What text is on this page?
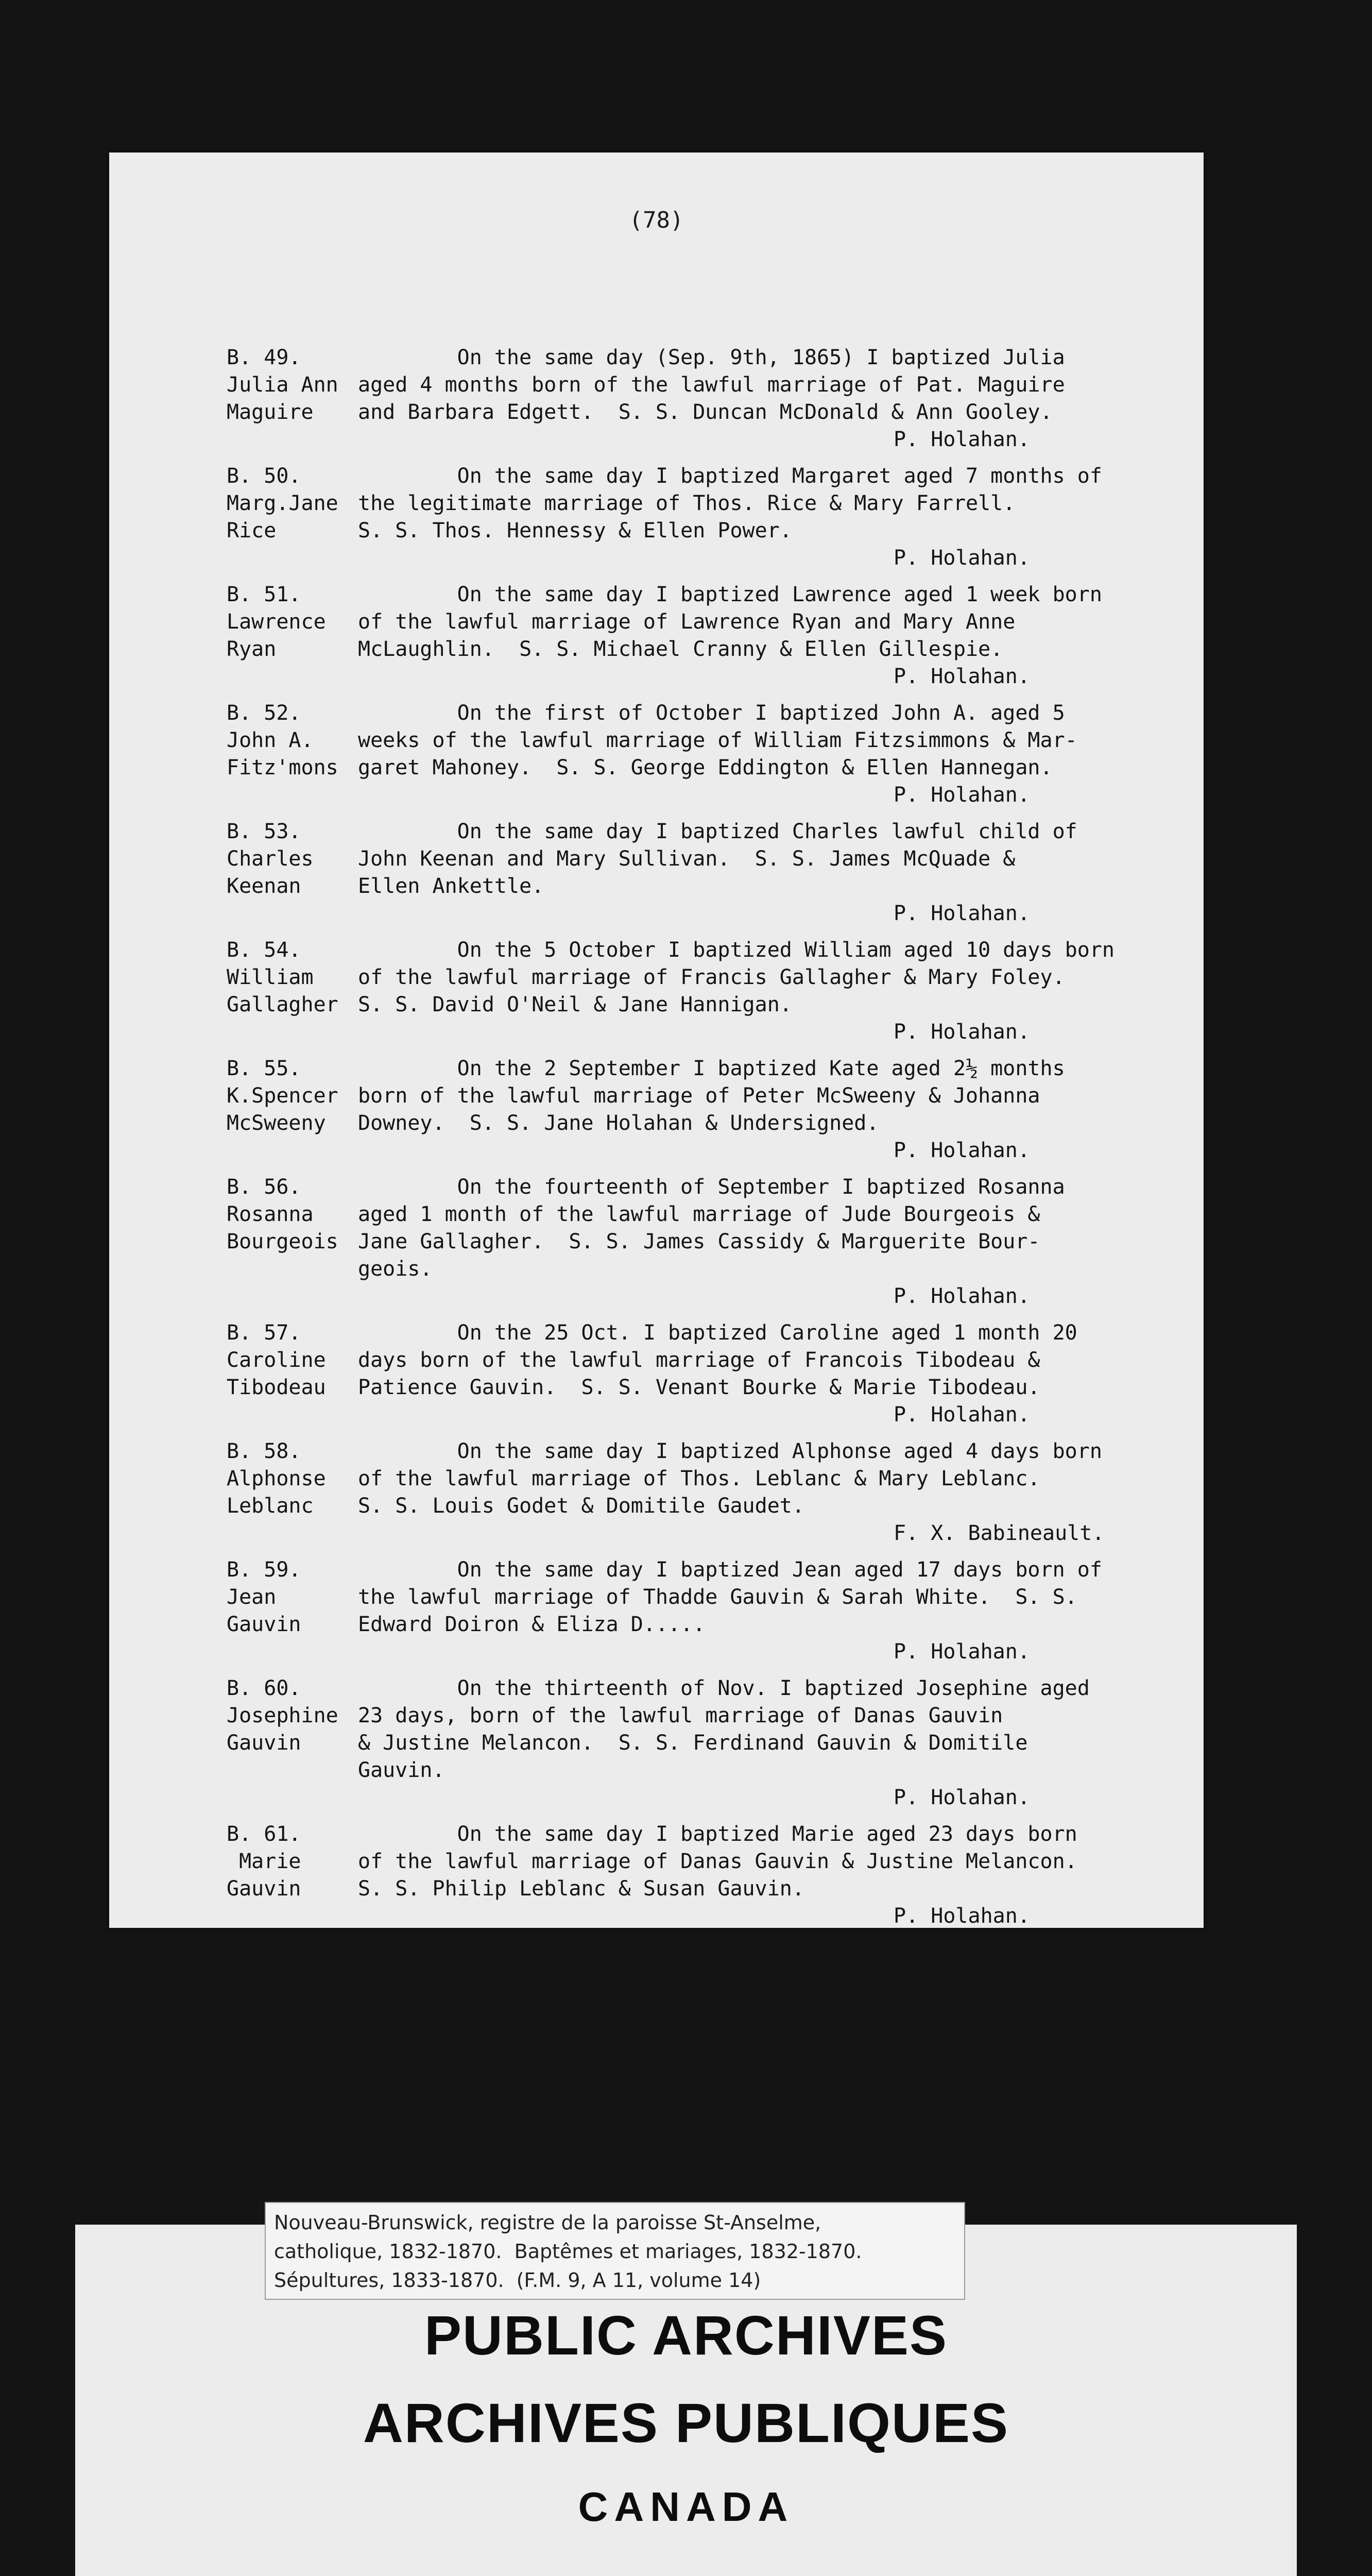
(78)
B. 49.
Julia Ann
Maguire
On the same day (Sep. 9th, 1865) I baptized Julia
aged 4 months born of the lawful marriage of Pat. Maguire
and Barbara Edgett.  S. S. Duncan McDonald & Ann Gooley.
P. Holahan.
B. 50.
Marg.Jane
Rice
On the same day I baptized Margaret aged 7 months of
the legitimate marriage of Thos. Rice & Mary Farrell.
S. S. Thos. Hennessy & Ellen Power.
P. Holahan.
B. 51.
Lawrence
Ryan
On the same day I baptized Lawrence aged 1 week born
of the lawful marriage of Lawrence Ryan and Mary Anne
McLaughlin.  S. S. Michael Cranny & Ellen Gillespie.
P. Holahan.
B. 52.
John A.
Fitz'mons
On the first of October I baptized John A. aged 5
weeks of the lawful marriage of William Fitzsimmons & Mar-
garet Mahoney.  S. S. George Eddington & Ellen Hannegan.
P. Holahan.
B. 53.
Charles
Keenan
On the same day I baptized Charles lawful child of
John Keenan and Mary Sullivan.  S. S. James McQuade &
Ellen Ankettle.
P. Holahan.
B. 54.
William
Gallagher
On the 5 October I baptized William aged 10 days born
of the lawful marriage of Francis Gallagher & Mary Foley.
S. S. David O'Neil & Jane Hannigan.
P. Holahan.
B. 55.
K.Spencer
McSweeny
On the 2 September I baptized Kate aged 2½ months
born of the lawful marriage of Peter McSweeny & Johanna
Downey.  S. S. Jane Holahan & Undersigned.
P. Holahan.
B. 56.
Rosanna
Bourgeois
On the fourteenth of September I baptized Rosanna
aged 1 month of the lawful marriage of Jude Bourgeois &
Jane Gallagher.  S. S. James Cassidy & Marguerite Bour-
geois.
P. Holahan.
B. 57.
Caroline
Tibodeau
On the 25 Oct. I baptized Caroline aged 1 month 20
days born of the lawful marriage of Francois Tibodeau &
Patience Gauvin.  S. S. Venant Bourke & Marie Tibodeau.
P. Holahan.
B. 58.
Alphonse
Leblanc
On the same day I baptized Alphonse aged 4 days born
of the lawful marriage of Thos. Leblanc & Mary Leblanc.
S. S. Louis Godet & Domitile Gaudet.
F. X. Babineault.
B. 59.
Jean
Gauvin
On the same day I baptized Jean aged 17 days born of
the lawful marriage of Thadde Gauvin & Sarah White.  S. S.
Edward Doiron & Eliza D.....
P. Holahan.
B. 60.
Josephine
Gauvin
On the thirteenth of Nov. I baptized Josephine aged
23 days, born of the lawful marriage of Danas Gauvin
& Justine Melancon.  S. S. Ferdinand Gauvin & Domitile
Gauvin.
P. Holahan.
B. 61.
Marie
Gauvin
On the same day I baptized Marie aged 23 days born
of the lawful marriage of Danas Gauvin & Justine Melancon.
S. S. Philip Leblanc & Susan Gauvin.
P. Holahan.
B. 62.
Cyrile
Leblanc
On the same day I baptized Cyrile aged one day of the
lawful marriage of Philip Leblanc & Sylvie Bourke.  S. S.
Auguste B. Leblanc & Henriette Gauvin.
P. Holahan.
B. 63.
Thos.J.
Griott
On the 3rd December /65 I baptized Thos. James aged
2 months & 17 days born of the lawful marriage of John
Francis Griott & Mary Ann Feeney.  S. S. James Ross &
Mary Cummings.
P. Holahan.
Nouveau-Brunswick, registre de la paroisse St-Anselme,
catholique, 1832-1870.  Baptêmes et mariages, 1832-1870.
Sépultures, 1833-1870.  (F.M. 9, A 11, volume 14)
PUBLIC ARCHIVES
ARCHIVES PUBLIQUES
CANADA
